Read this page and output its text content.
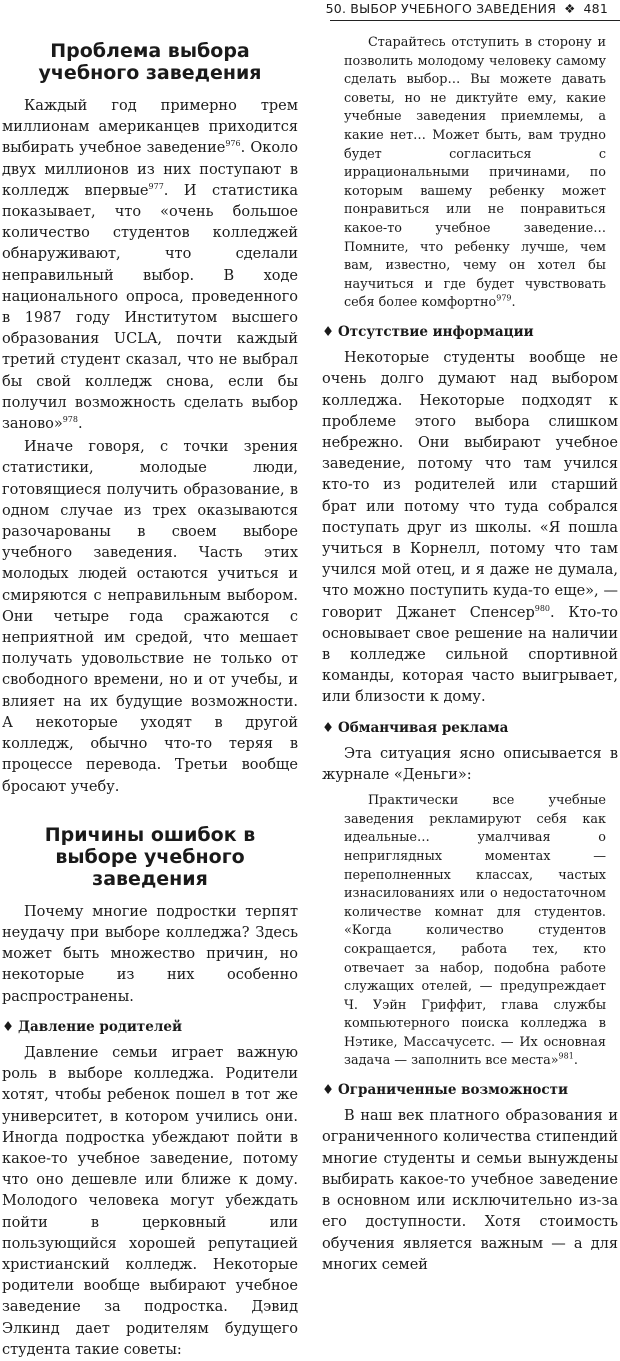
50. ВЫБОР УЧЕБНОГО ЗАВЕДЕНИЯ ❖ 481
Проблема выбора учебного заведения

Каждый год примерно трем миллионам американцев приходится выбирать учебное заведение$^{976}$. Около двух миллионов из них поступают в колледж впервые$^{977}$. И статистика показывает, что «очень большое количество студентов колледжей обнаруживают, что сделали неправильный выбор. В ходе национального опроса, проведенного в 1987 году Институтом высшего образования UCLA, почти каждый третий студент сказал, что не выбрал бы свой колледж снова, если бы получил возможность сделать выбор заново»$^{978}$.

Иначе говоря, с точки зрения статистики, молодые люди, готовящиеся получить образование, в одном случае из трех оказываются разочарованы в своем выборе учебного заведения. Часть этих молодых людей остаются учиться и смиряются с неправильным выбором. Они четыре года сражаются с неприятной им средой, что мешает получать удовольствие не только от свободного времени, но и от учебы, и влияет на их будущие возможности. А некоторые уходят в другой колледж, обычно что-то теряя в процессе перевода. Третьи вообще бросают учебу.

Причины ошибок в выборе учебного заведения

Почему многие подростки терпят неудачу при выборе колледжа? Здесь может быть множество причин, но некоторые из них особенно распространены.

♦ Давление родителей

Давление семьи играет важную роль в выборе колледжа. Родители хотят, чтобы ребенок пошел в тот же университет, в котором учились они. Иногда подростка убеждают пойти в какое-то учебное заведение, потому что оно дешевле или ближе к дому. Молодого человека могут убеждать пойти в церковный или пользующийся хорошей репутацией христианский колледж. Некоторые родители вообще выбирают учебное заведение за подростка. Дэвид Элкинд дает родителям будущего студента такие советы:

Старайтесь отступить в сторону и позволить молодому человеку самому сделать выбор… Вы можете давать советы, но не диктуйте ему, какие учебные заведения приемлемы, а какие нет… Может быть, вам трудно будет согласиться с иррациональными причинами, по которым вашему ребенку может понравиться или не понравиться какое-то учебное заведение… Помните, что ребенку лучше, чем вам, известно, чему он хотел бы научиться и где будет чувствовать себя более комфортно$^{979}$.

♦ Отсутствие информации

Некоторые студенты вообще не очень долго думают над выбором колледжа. Некоторые подходят к проблеме этого выбора слишком небрежно. Они выбирают учебное заведение, потому что там учился кто-то из родителей или старший брат или потому что туда собрался поступать друг из школы. «Я пошла учиться в Корнелл, потому что там учился мой отец, и я даже не думала, что можно поступить куда-то еще», — говорит Джанет Спенсер$^{980}$. Кто-то основывает свое решение на наличии в колледже сильной спортивной команды, которая часто выигрывает, или близости к дому.

♦ Обманчивая реклама

Эта ситуация ясно описывается в журнале «Деньги»:

Практически все учебные заведения рекламируют себя как идеальные… умалчивая о неприглядных моментах — переполненных классах, частых изнасилованиях или о недостаточном количестве комнат для студентов. «Когда количество студентов сокращается, работа тех, кто отвечает за набор, подобна работе служащих отелей, — предупреждает Ч. Уэйн Гриффит, глава службы компьютерного поиска колледжа в Нэтике, Массачусетс. — Их основная задача — заполнить все места»$^{981}$.

♦ Ограниченные возможности

В наш век платного образования и ограниченного количества стипендий многие студенты и семьи вынуждены выбирать какое-то учебное заведение в основном или исключительно из-за его доступности. Хотя стоимость обучения является важным — а для многих семей
